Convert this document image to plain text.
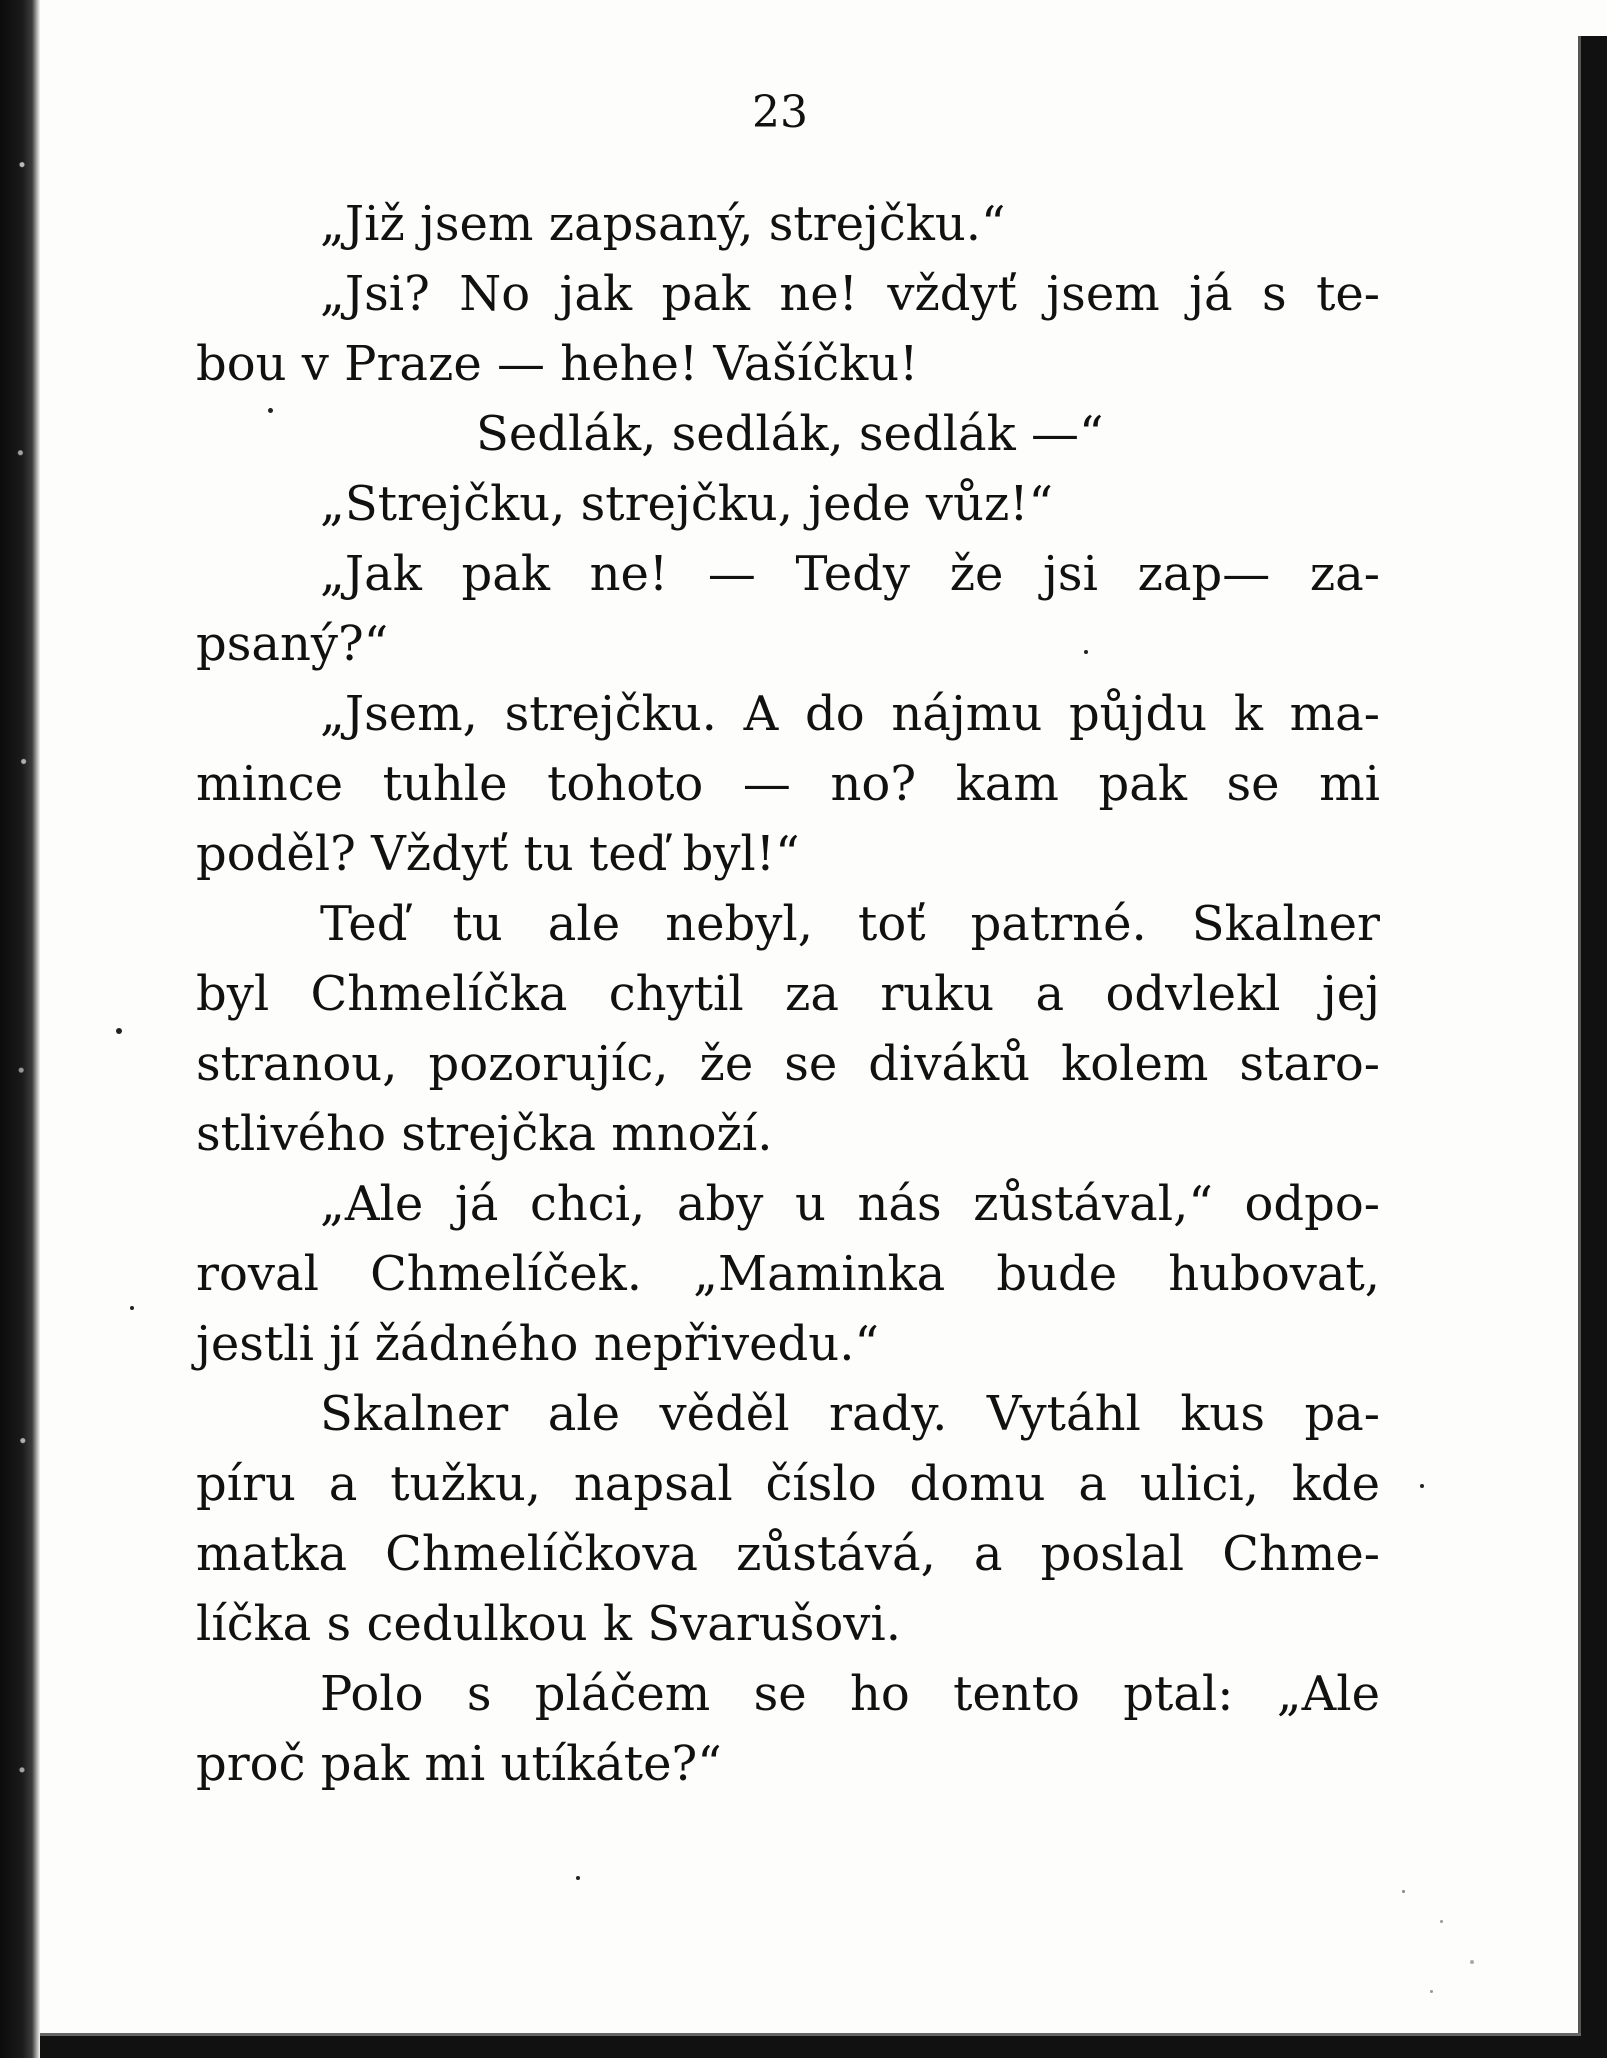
23
„Již jsem zapsaný, strejčku.“
„Jsi? No jak pak ne! vždyť jsem já s te-
bou v Praze — hehe! Vašíčku!
Sedlák, sedlák, sedlák —“
„Strejčku, strejčku, jede vůz!“
„Jak pak ne! — Tedy že jsi zap— za-
psaný?“
„Jsem, strejčku. A do nájmu půjdu k ma-
mince tuhle tohoto — no? kam pak se mi
poděl? Vždyť tu teď byl!“
Teď tu ale nebyl, toť patrné. Skalner
byl Chmelíčka chytil za ruku a odvlekl jej
stranou, pozorujíc, že se diváků kolem staro-
stlivého strejčka množí.
„Ale já chci, aby u nás zůstával,“ odpo-
roval Chmelíček. „Maminka bude hubovat,
jestli jí žádného nepřivedu.“
Skalner ale věděl rady. Vytáhl kus pa-
píru a tužku, napsal číslo domu a ulici, kde
matka Chmelíčkova zůstává, a poslal Chme-
líčka s cedulkou k Svarušovi.
Polo s pláčem se ho tento ptal: „Ale
proč pak mi utíkáte?“
